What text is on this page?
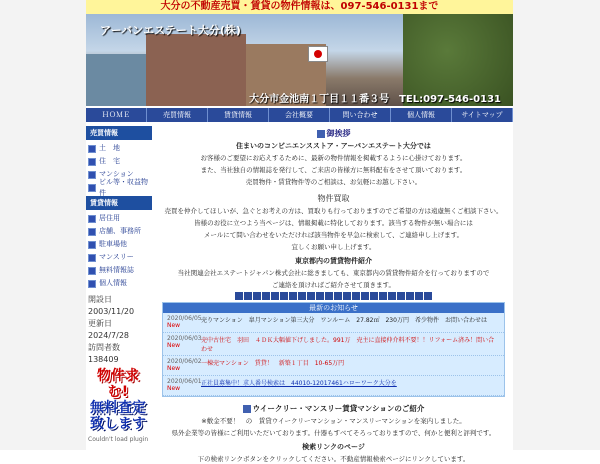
大分の不動産売買・賃貸の物件情報は、097-546-0131まで
アーバンエステート大分(株)
大分市金池南１丁目１１番３号　TEL:097-546-0131
ＨＯＭＥ	売買情報	賃貸情報	会社概要	問い合わせ	個人情報	サイトマップ
売買情報
土　地
住　宅
マンション
ビル等・収益物件
賃貸情報
居住用
店舗、事務所
駐車場他
マンスリー
無料情報誌
個人情報
開設日
2003/11/20
更新日
2024/7/28
訪問者数
138409
物件求む!
無料査定
致します
Couldn't load plugin
御挨拶

住まいのコンビニエンスストア・アーバンエステート大分では

お客様のご要望にお応えするために、最新の物件情報を掲載するように心掛けております。

また、当社独自の情報誌を発行して、ご来店の皆様方に無料配布をさせて頂いております。

売買物件・賃貸物件等のご相談は、お気軽にお越し下さい。

物件買取

売買を仲介してほしいが、急ぐとお考えの方は、買取りも行っておりますのでご希望の方は遠慮無くご相談下さい。

皆様のお役に立つよう当ページは、情報掲載に特化しております。該当する物件が無い場合には

メールにて問い合わせをいただければ該当物件を早急に検索して、ご連絡申し上げます。

宜しくお願い申し上げます。

東京都内の賃貸物件紹介

当社関連会社エステートジャパン株式会社に総きましても、東京都内の賃貸物件紹介を行っておりますので

ご連絡を頂ければご紹介させて頂きます。

最新のお知らせ
2020/06/05
New
売りマンション　皐月マンション第三大分　ワンルーム　27.82㎡　230万円　希少物件　お問い合わせは
2020/06/03
New
売中古住宅　羽田　４ＤＫ大幅値下げしました。991万　売主に直接仲介料不要！！リフォーム済み！問い合わせ
2020/06/02
New
一棟売マンション　賃貸！　新築１丁目　10-65万円
2020/06/01
New
正社員募集中！求人番号検索は　44010-12017461ハローワーク大分を
ウイークリー・マンスリー賃貸マンションのご紹介

※敷金不要！　の　賃貸ウイークリーマンション・マンスリーマンションを案内しました。

県外企業等の皆様にご利用いただいております。什器もすべてそろっておりますので、何かと便利と評判です。

検索リンクのページ

下の検索リンクボタンをクリックしてください。不動産情報検索ページにリンクしています。
